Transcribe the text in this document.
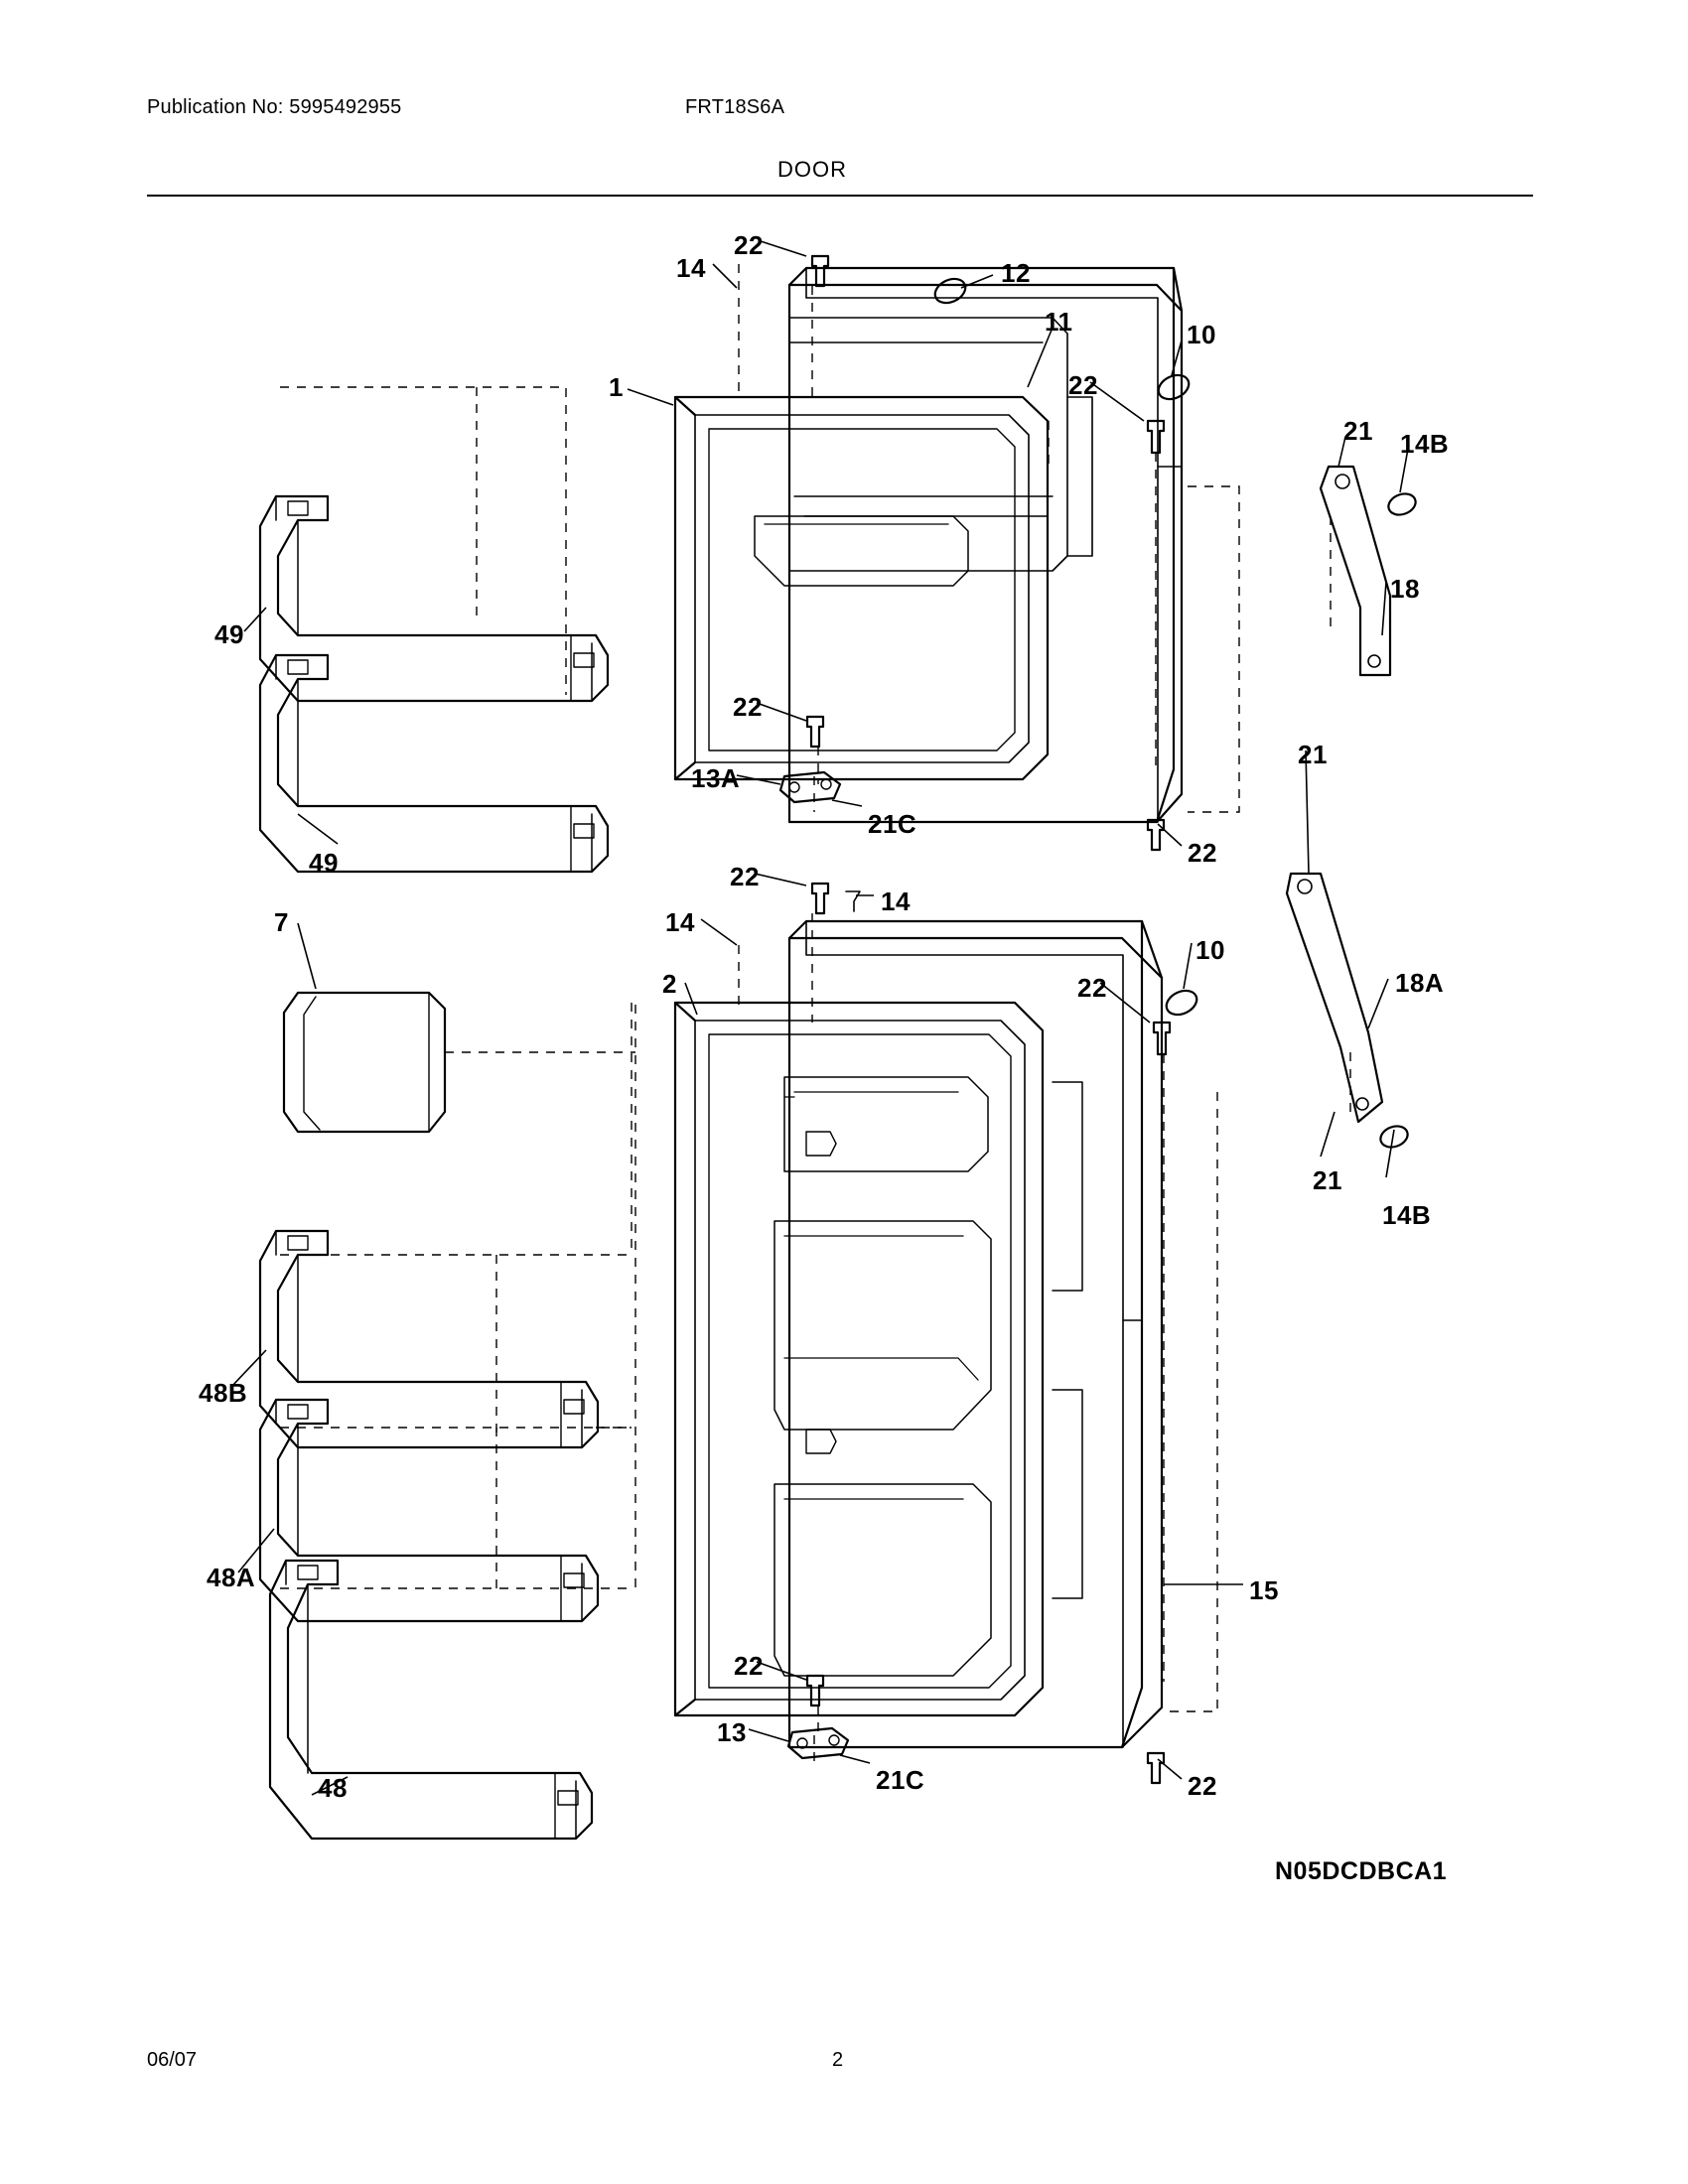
Publication No: 5995492955	FRT18S6A
DOOR
22
14	12
11	10
22
21 14B
1
18
49
22
21
13A
21C
22
49	22
14
14
10
22	18A
7
2
21
14B
48B
48A	15
22
13
48	21C	22
N05DCDBCA1
06/07	2
